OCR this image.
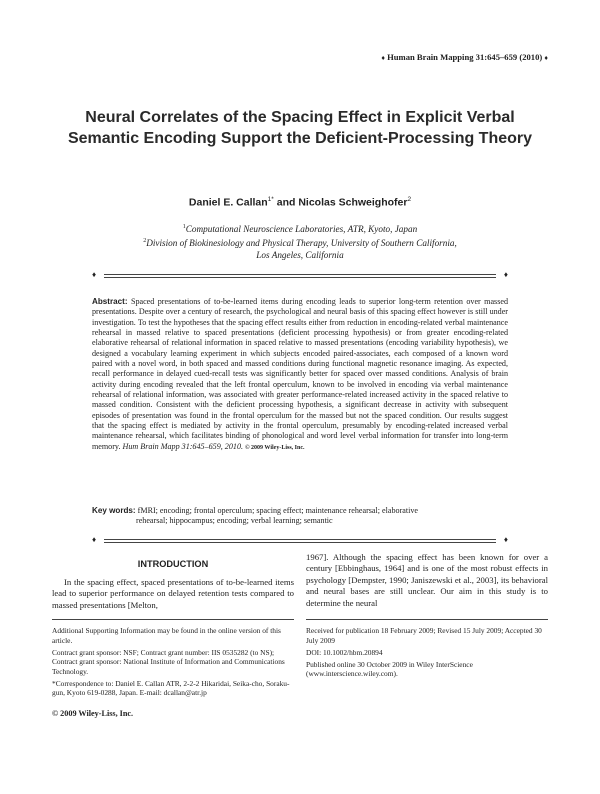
♦ Human Brain Mapping 31:645–659 (2010) ♦
Neural Correlates of the Spacing Effect in Explicit Verbal Semantic Encoding Support the Deficient-Processing Theory
Daniel E. Callan$^{1*}$ and Nicolas Schweighofer$^2$
$^1$Computational Neuroscience Laboratories, ATR, Kyoto, Japan
$^2$Division of Biokinesiology and Physical Therapy, University of Southern California,
Los Angeles, California
♦	♦
Abstract: Spaced presentations of to-be-learned items during encoding leads to superior long-term retention over massed presentations. Despite over a century of research, the psychological and neural basis of this spacing effect however is still under investigation. To test the hypotheses that the spacing effect results either from reduction in encoding-related verbal maintenance rehearsal in massed relative to spaced presentations (deficient processing hypothesis) or from greater encoding-related elaborative rehearsal of relational information in spaced relative to massed presentations (encoding variability hypothesis), we designed a vocabulary learning experiment in which subjects encoded paired-associates, each composed of a known word paired with a novel word, in both spaced and massed conditions during functional magnetic resonance imaging. As expected, recall performance in delayed cued-recall tests was significantly better for spaced over massed conditions. Analysis of brain activity during encoding revealed that the left frontal operculum, known to be involved in encoding via verbal maintenance rehearsal of relational information, was associated with greater performance-related increased activity in the spaced relative to massed condition. Consistent with the deficient processing hypothesis, a significant decrease in activity with subsequent episodes of presentation was found in the frontal operculum for the massed but not the spaced condition. Our results suggest that the spacing effect is mediated by activity in the frontal operculum, presumably by encoding-related increased verbal maintenance rehearsal, which facilitates binding of phonological and word level verbal information for transfer into long-term memory. Hum Brain Mapp 31:645–659, 2010. © 2009 Wiley-Liss, Inc.
Key words: fMRI; encoding; frontal operculum; spacing effect; maintenance rehearsal; elaborative
rehearsal; hippocampus; encoding; verbal learning; semantic
♦	♦
INTRODUCTION
In the spacing effect, spaced presentations of to-be-learned items lead to superior performance on delayed retention tests compared to massed presentations [Melton,
1967]. Although the spacing effect has been known for over a century [Ebbinghaus, 1964] and is one of the most robust effects in psychology [Dempster, 1990; Janiszewski et al., 2003], its behavioral and neural bases are still unclear. Our aim in this study is to determine the neural

Additional Supporting Information may be found in the online version of this article.

Contract grant sponsor: NSF; Contract grant number: IIS 0535282 (to NS); Contract grant sponsor: National Institute of Information and Communications Technology.

*Correspondence to: Daniel E. Callan ATR, 2-2-2 Hikaridai, Seika-cho, Soraku-gun, Kyoto 619-0288, Japan. E-mail: dcallan@atr.jp

Received for publication 18 February 2009; Revised 15 July 2009; Accepted 30 July 2009

DOI: 10.1002/hbm.20894

Published online 30 October 2009 in Wiley InterScience (www.interscience.wiley.com).

© 2009 Wiley-Liss, Inc.
